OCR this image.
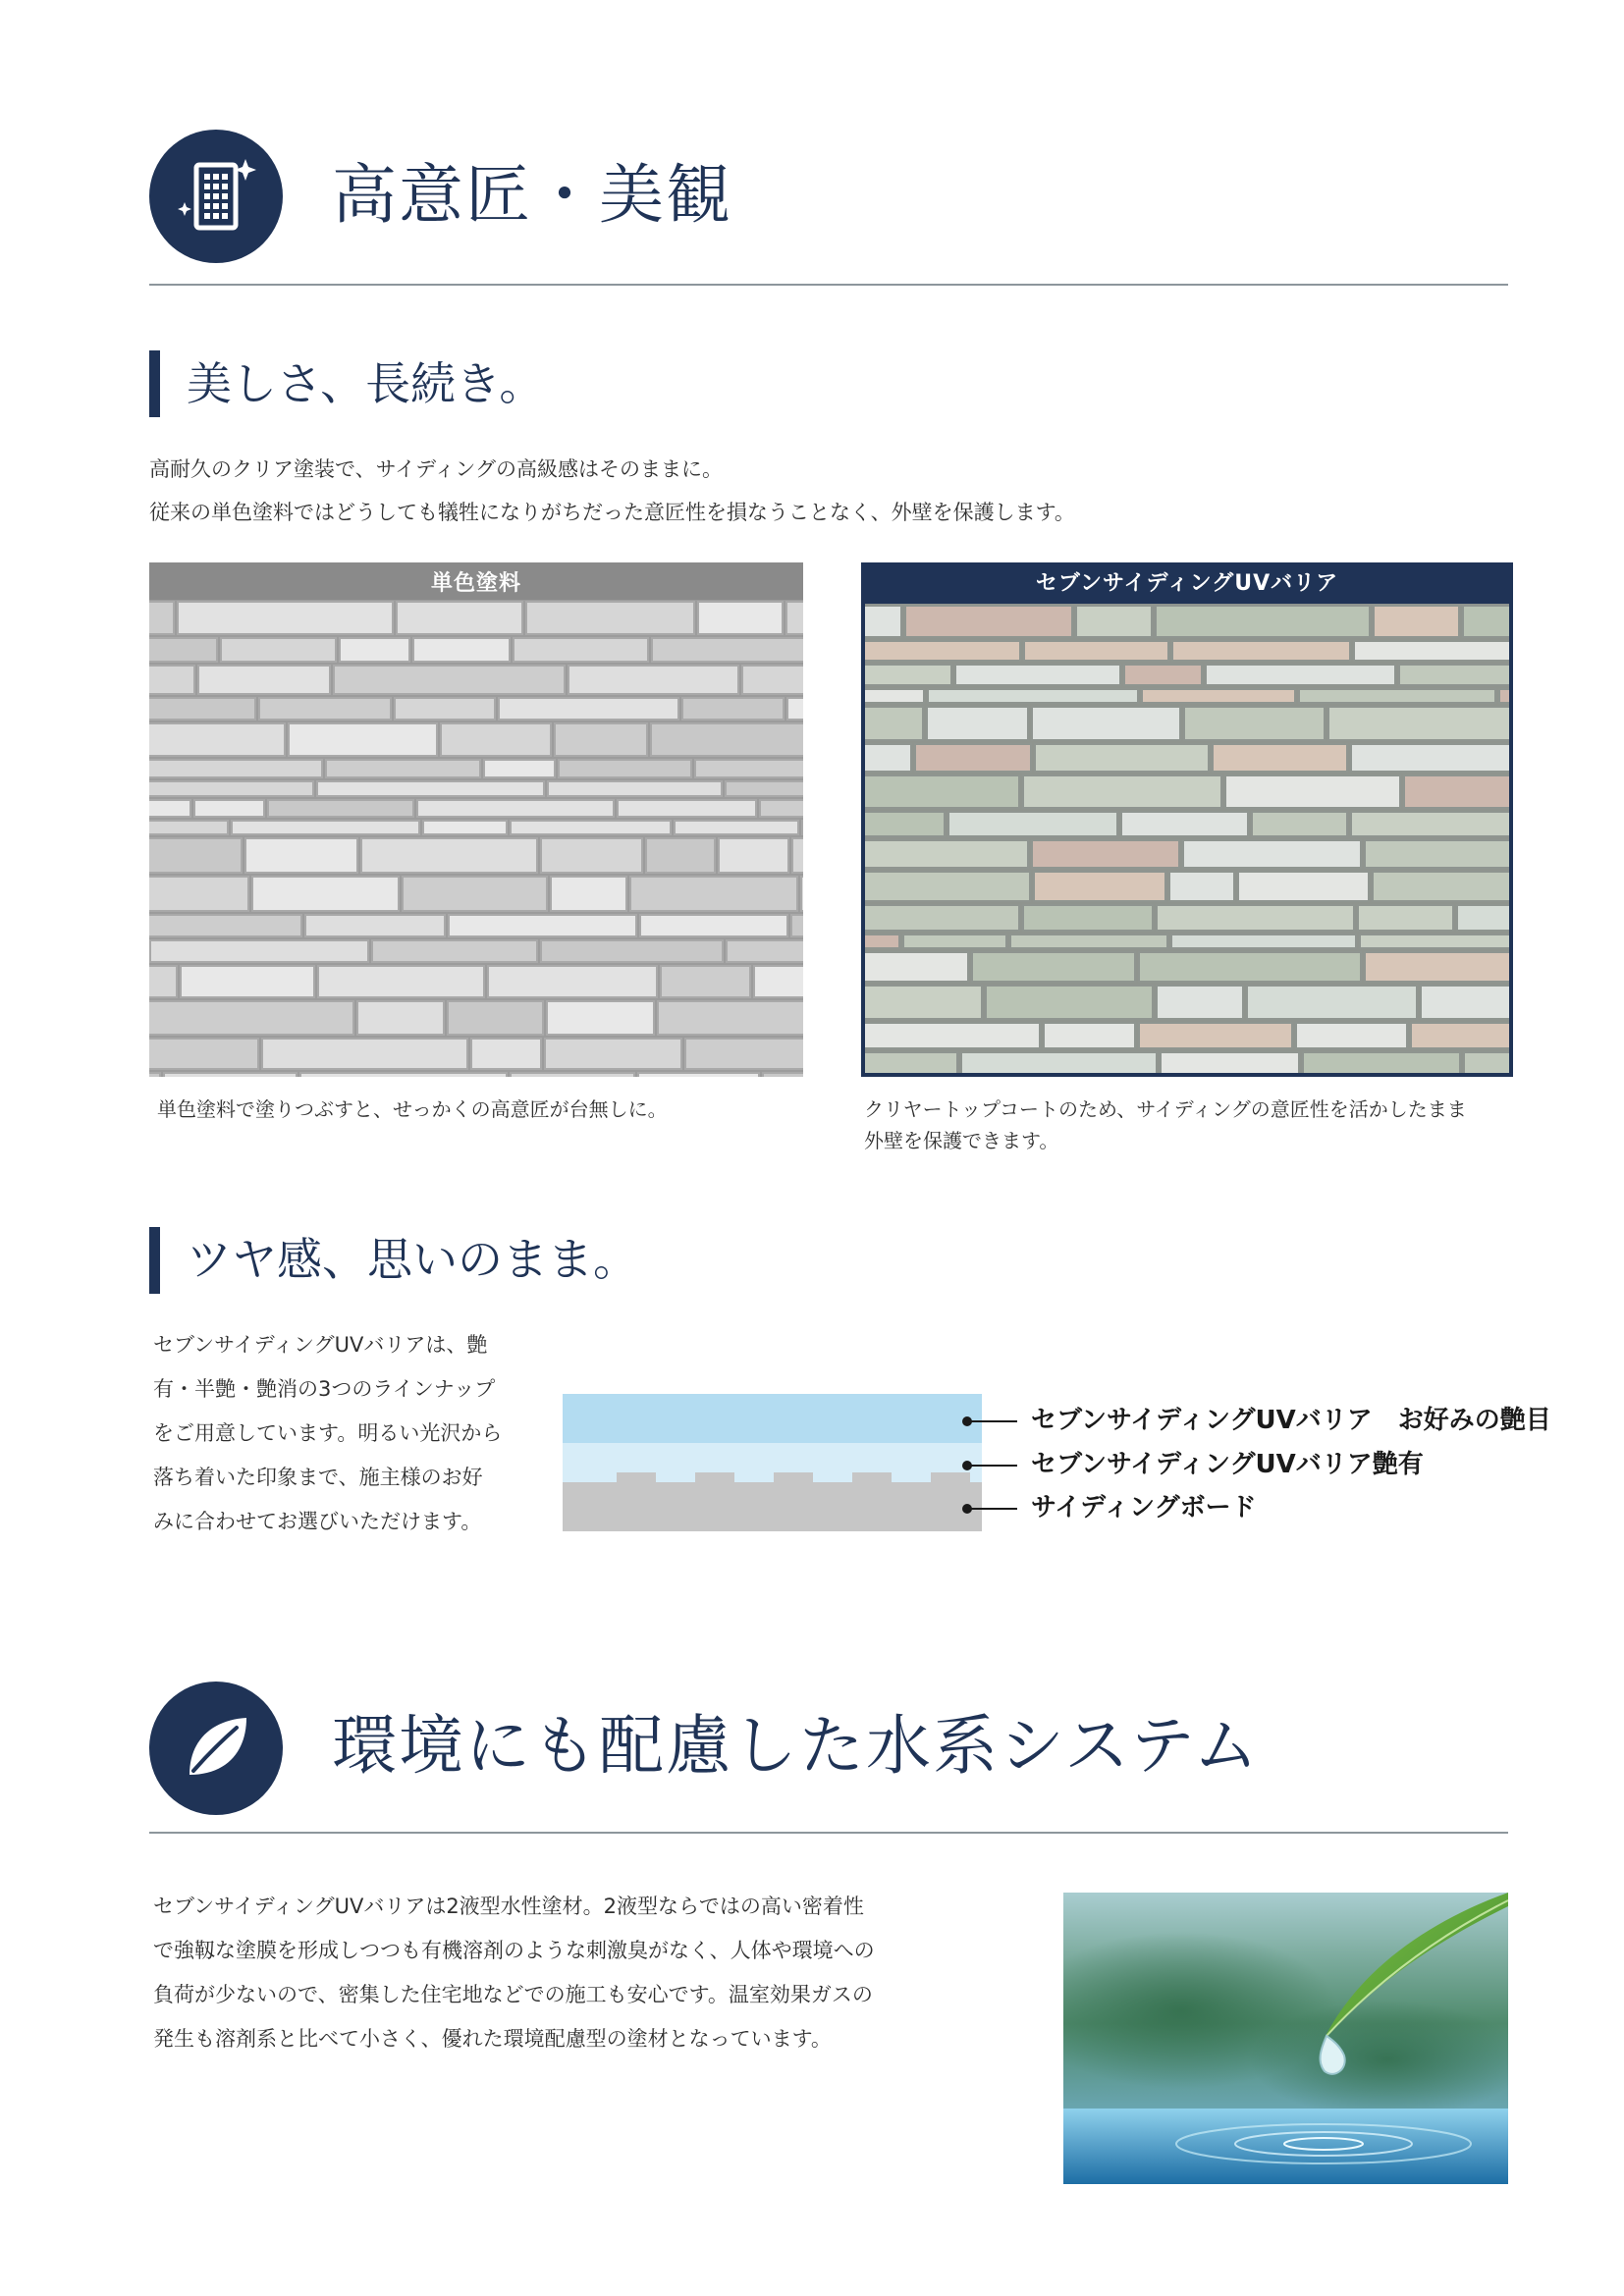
高意匠・美観
美しさ、長続き。
高耐久のクリア塗装で、サイディングの高級感はそのままに。
従来の単色塗料ではどうしても犠牲になりがちだった意匠性を損なうことなく、外壁を保護します。
単色塗料
単色塗料で塗りつぶすと、せっかくの高意匠が台無しに。
セブンサイディングUVバリア
クリヤートップコートのため、サイディングの意匠性を活かしたまま
外壁を保護できます。
ツヤ感、思いのまま。
セブンサイディングUVバリアは、艶
有・半艶・艶消の3つのラインナップ
をご用意しています。明るい光沢から
落ち着いた印象まで、施主様のお好
みに合わせてお選びいただけます。
セブンサイディングUVバリア　お好みの艶目
セブンサイディングUVバリア艶有
サイディングボード
環境にも配慮した水系システム
セブンサイディングUVバリアは2液型水性塗材。2液型ならではの高い密着性
で強靱な塗膜を形成しつつも有機溶剤のような刺激臭がなく、人体や環境への
負荷が少ないので、密集した住宅地などでの施工も安心です。温室効果ガスの
発生も溶剤系と比べて小さく、優れた環境配慮型の塗材となっています。
